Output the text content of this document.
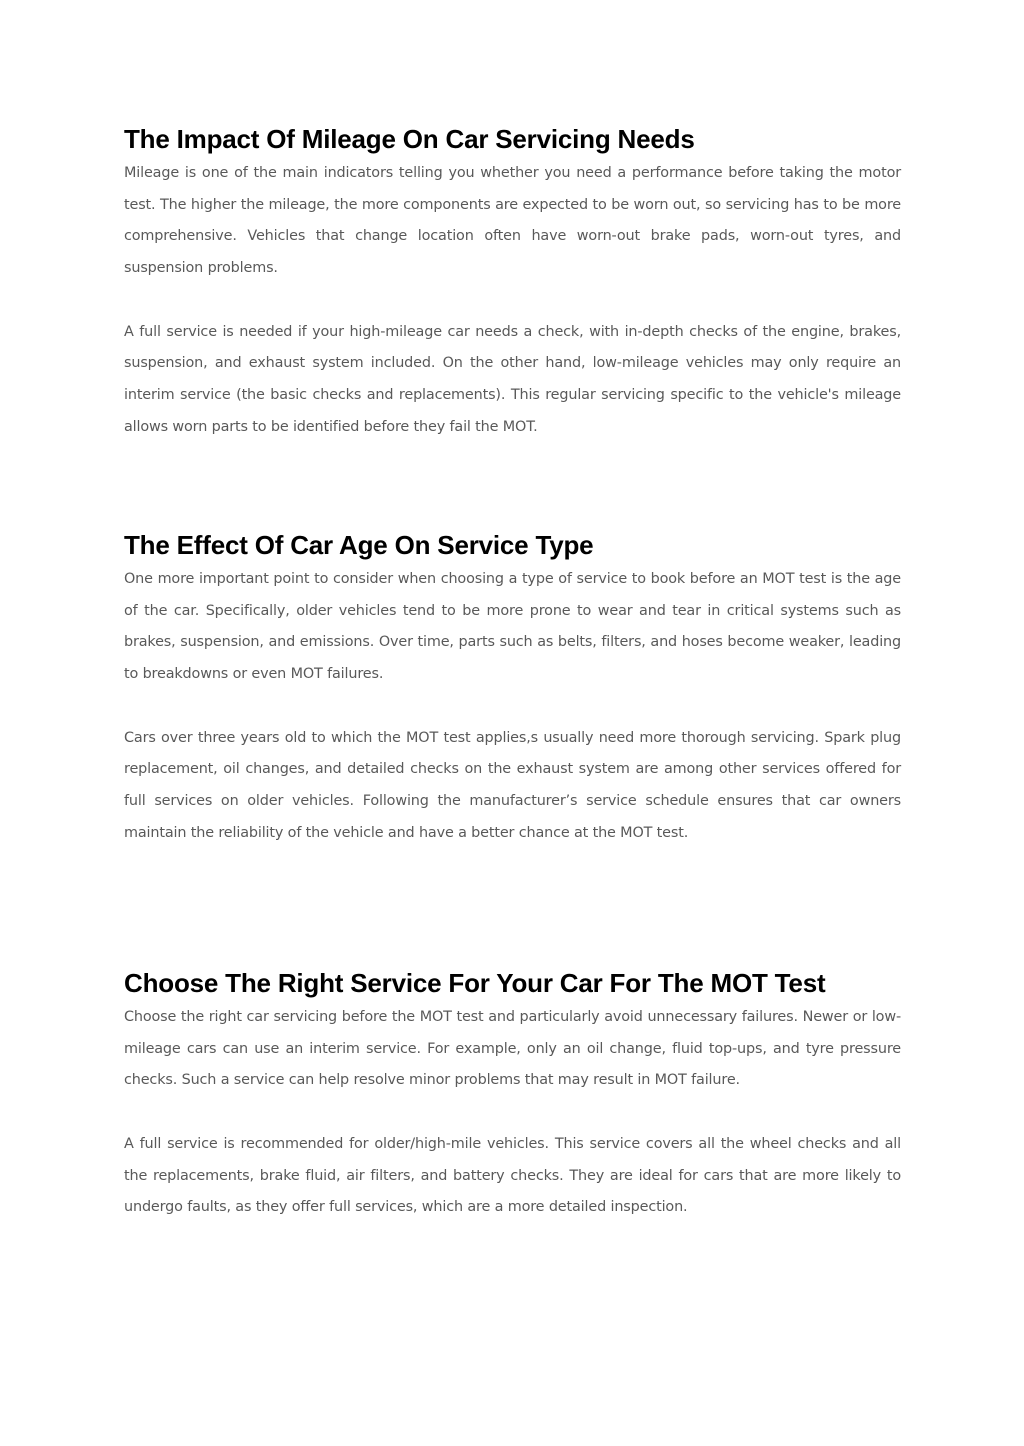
The Impact Of Mileage On Car Servicing Needs

Mileage is one of the main indicators telling you whether you need a performance before taking the motor test. The higher the mileage, the more components are expected to be worn out, so servicing has to be more comprehensive. Vehicles that change location often have worn-out brake pads, worn-out tyres, and suspension problems.

A full service is needed if your high-mileage car needs a check, with in-depth checks of the engine, brakes, suspension, and exhaust system included. On the other hand, low-mileage vehicles may only require an interim service (the basic checks and replacements). This regular servicing specific to the vehicle's mileage allows worn parts to be identified before they fail the MOT.

The Effect Of Car Age On Service Type

One more important point to consider when choosing a type of service to book before an MOT test is the age of the car. Specifically, older vehicles tend to be more prone to wear and tear in critical systems such as brakes, suspension, and emissions. Over time, parts such as belts, filters, and hoses become weaker, leading to breakdowns or even MOT failures.

Cars over three years old to which the MOT test applies,s usually need more thorough servicing. Spark plug replacement, oil changes, and detailed checks on the exhaust system are among other services offered for full services on older vehicles. Following the manufacturer’s service schedule ensures that car owners maintain the reliability of the vehicle and have a better chance at the MOT test.

Choose The Right Service For Your Car For The MOT Test

Choose the right car servicing before the MOT test and particularly avoid unnecessary failures. Newer or low-mileage cars can use an interim service. For example, only an oil change, fluid top-ups, and tyre pressure checks. Such a service can help resolve minor problems that may result in MOT failure.

A full service is recommended for older/high-mile vehicles. This service covers all the wheel checks and all the replacements, brake fluid, air filters, and battery checks. They are ideal for cars that are more likely to undergo faults, as they offer full services, which are a more detailed inspection.
